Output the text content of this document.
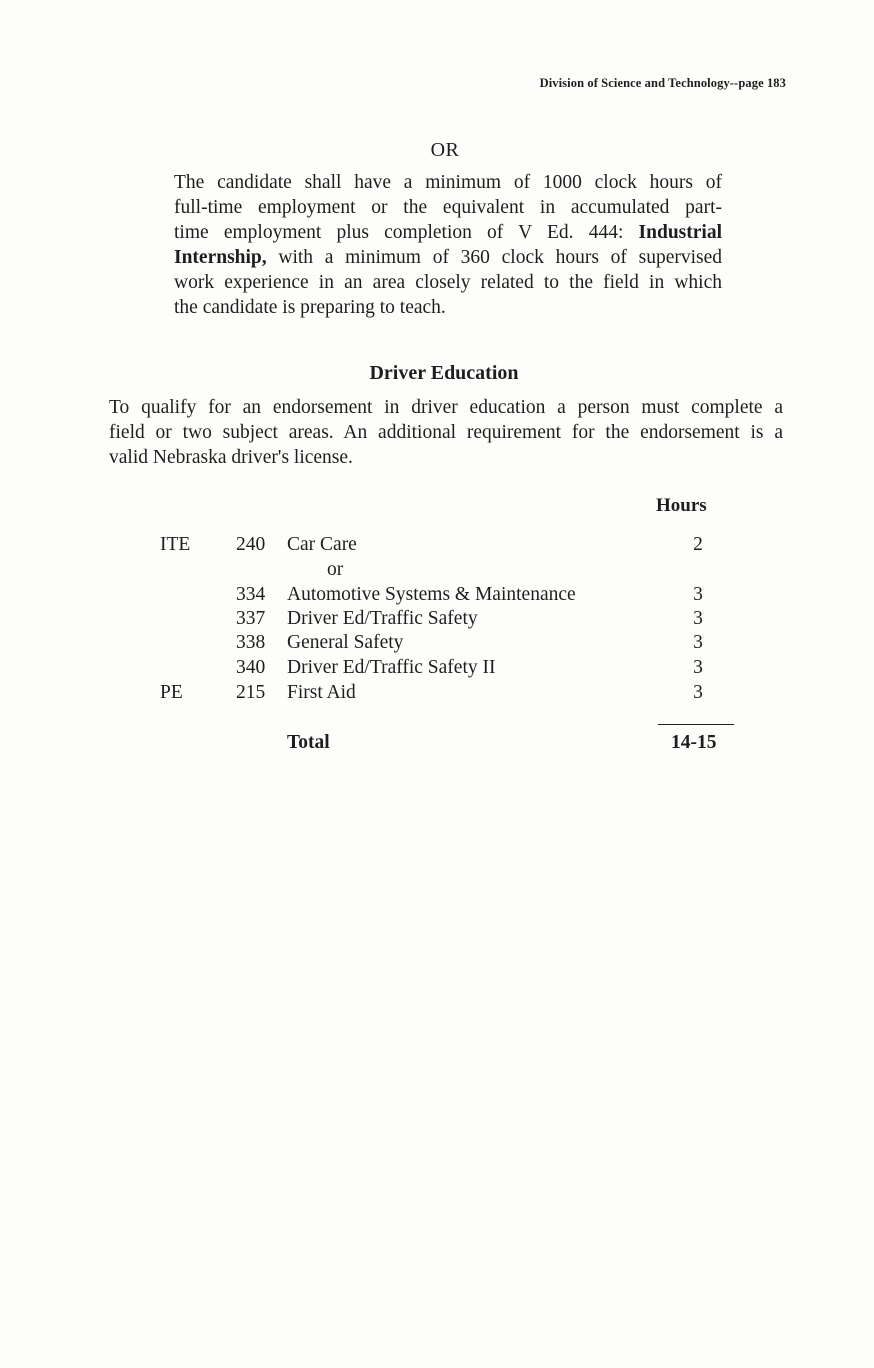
Division of Science and Technology--page 183
OR
The candidate shall have a minimum of 1000 clock hours of
full-time employment or the equivalent in accumulated part-
time employment plus completion of V Ed. 444: Industrial
Internship, with a minimum of 360 clock hours of supervised
work experience in an area closely related to the field in which
the candidate is preparing to teach.
Driver Education
To qualify for an endorsement in driver education a person must complete a
field or two subject areas. An additional requirement for the endorsement is a
valid Nebraska driver's license.
Hours
ITE 240 Car Care	2
or
334 Automotive Systems & Maintenance	3
337 Driver Ed/Traffic Safety	3
338 General Safety	3
340 Driver Ed/Traffic Safety II	3
PE	215 First Aid	3
Total	14-15
